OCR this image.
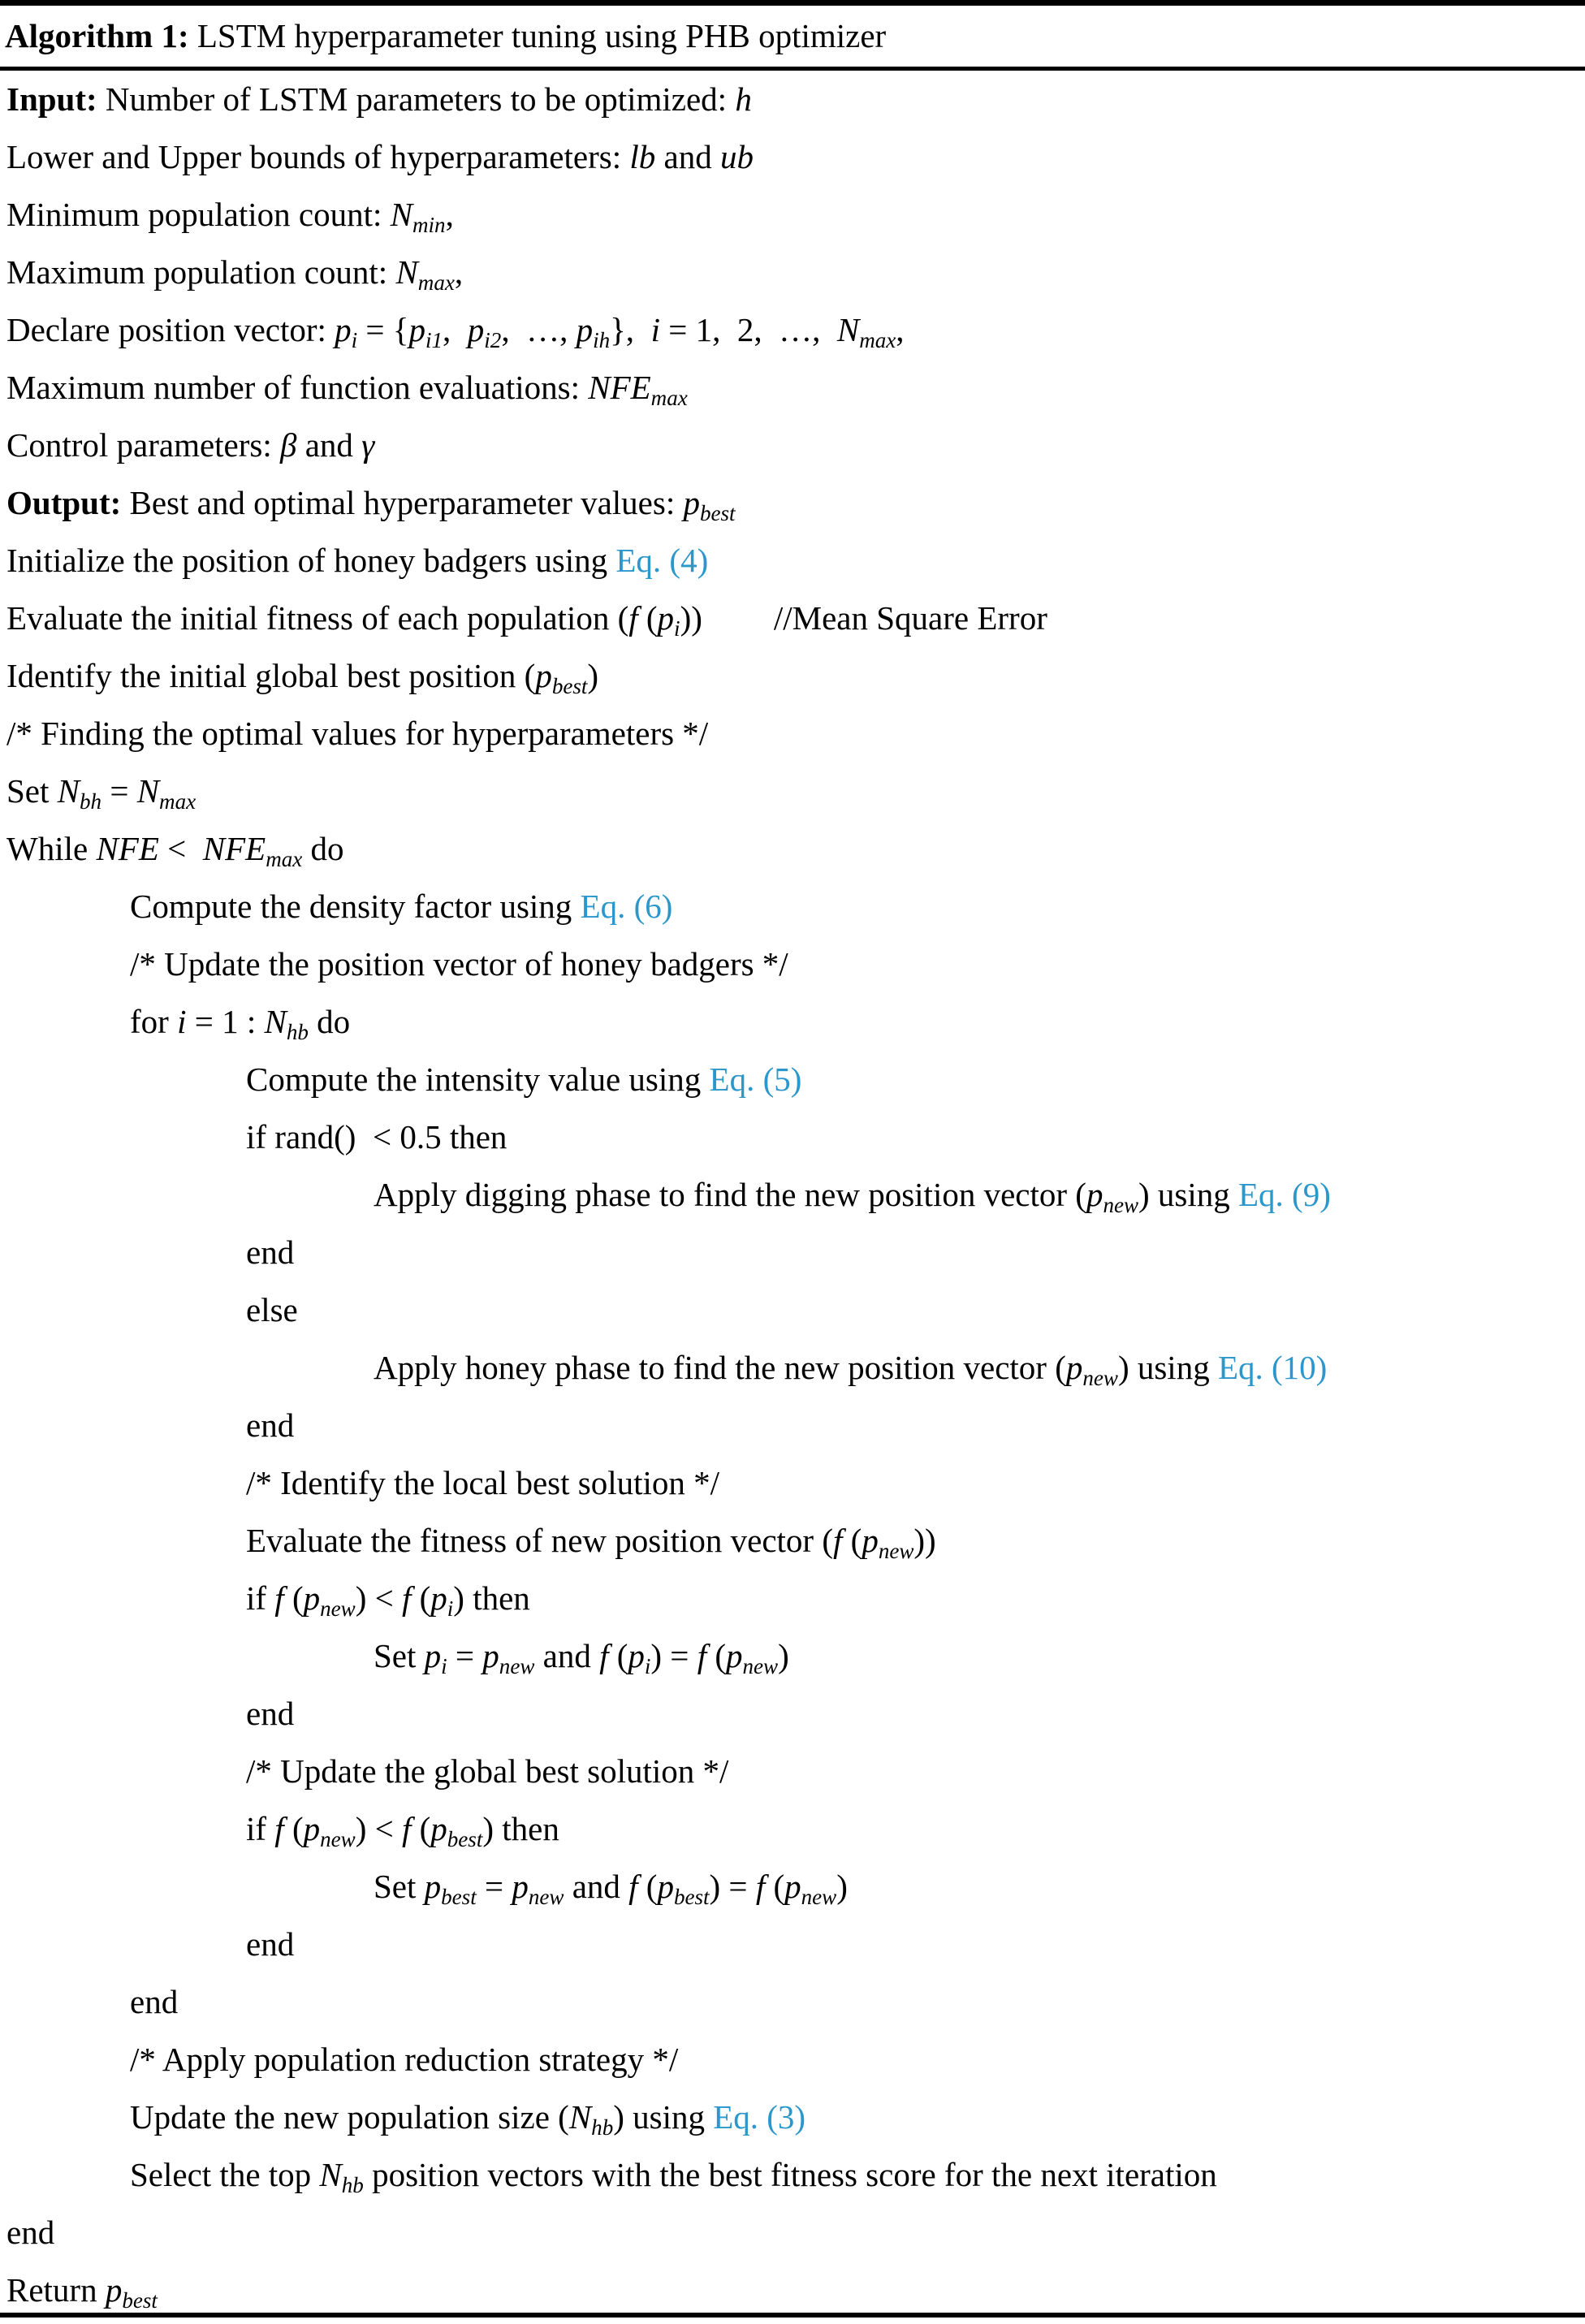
Algorithm 1: LSTM hyperparameter tuning using PHB optimizer
Input: Number of LSTM parameters to be optimized: h
Lower and Upper bounds of hyperparameters: lb and ub
Minimum population count: Nmin,
Maximum population count: Nmax,
Declare position vector: pi = {pi1,  pi2,  …, pih},  i = 1,  2,  …,  Nmax,
Maximum number of function evaluations: NFEmax
Control parameters: β and γ
Output: Best and optimal hyperparameter values: pbest
Initialize the position of honey badgers using Eq. (4)
Evaluate the initial fitness of each population (f (pi)) //Mean Square Error
Identify the initial global best position (pbest)
/* Finding the optimal values for hyperparameters */
Set Nbh = Nmax
While NFE <  NFEmax do
Compute the density factor using Eq. (6)
/* Update the position vector of honey badgers */
for i = 1 : Nhb do
Compute the intensity value using Eq. (5)
if rand()  < 0.5 then
Apply digging phase to find the new position vector (pnew) using Eq. (9)
end
else
Apply honey phase to find the new position vector (pnew) using Eq. (10)
end
/* Identify the local best solution */
Evaluate the fitness of new position vector (f (pnew))
if f (pnew) < f (pi) then
Set pi = pnew and f (pi) = f (pnew)
end
/* Update the global best solution */
if f (pnew) < f (pbest) then
Set pbest = pnew and f (pbest) = f (pnew)
end
end
/* Apply population reduction strategy */
Update the new population size (Nhb) using Eq. (3)
Select the top Nhb position vectors with the best fitness score for the next iteration
end
Return pbest
